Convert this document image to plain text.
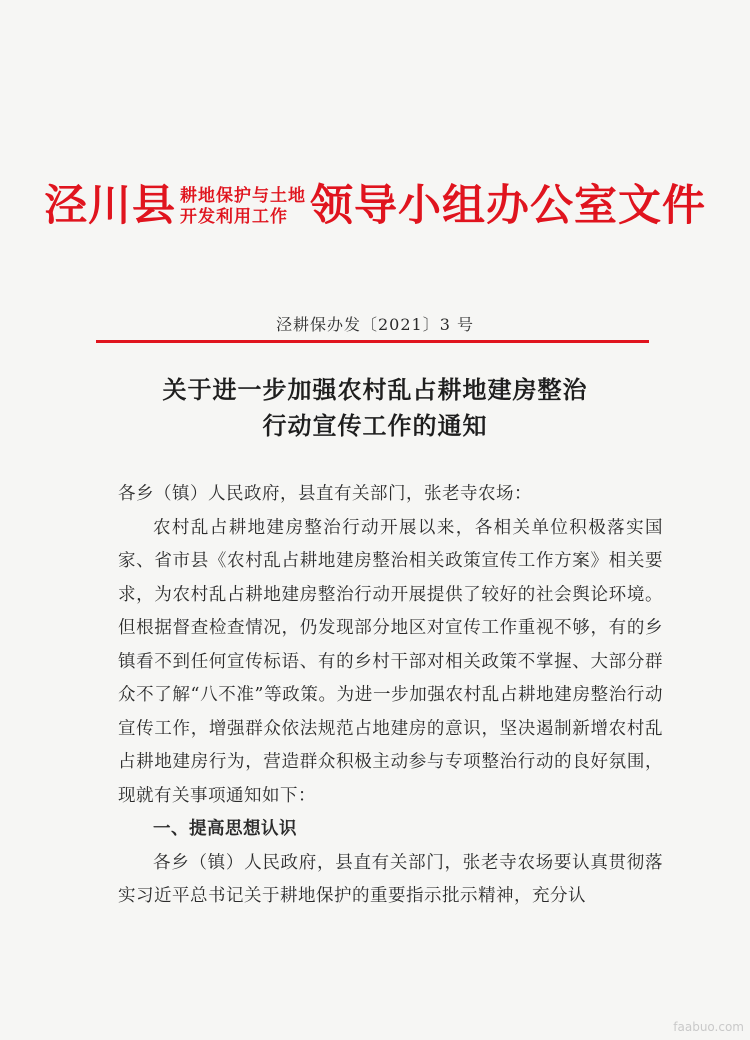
泾川县 耕地保护与土地
开发利用工作 领导小组办公室文件
泾耕保办发〔2021〕3 号
关于进一步加强农村乱占耕地建房整治
行动宣传工作的通知

各乡（镇）人民政府，县直有关部门，张老寺农场：

农村乱占耕地建房整治行动开展以来，各相关单位积极落实国家、省市县《农村乱占耕地建房整治相关政策宣传工作方案》相关要求，为农村乱占耕地建房整治行动开展提供了较好的社会舆论环境。但根据督查检查情况，仍发现部分地区对宣传工作重视不够，有的乡镇看不到任何宣传标语、有的乡村干部对相关政策不掌握、大部分群众不了解“八不准”等政策。为进一步加强农村乱占耕地建房整治行动宣传工作，增强群众依法规范占地建房的意识，坚决遏制新增农村乱占耕地建房行为，营造群众积极主动参与专项整治行动的良好氛围，现就有关事项通知如下：

一、提高思想认识

各乡（镇）人民政府，县直有关部门，张老寺农场要认真贯彻落实习近平总书记关于耕地保护的重要指示批示精神，充分认

faabuo.com
